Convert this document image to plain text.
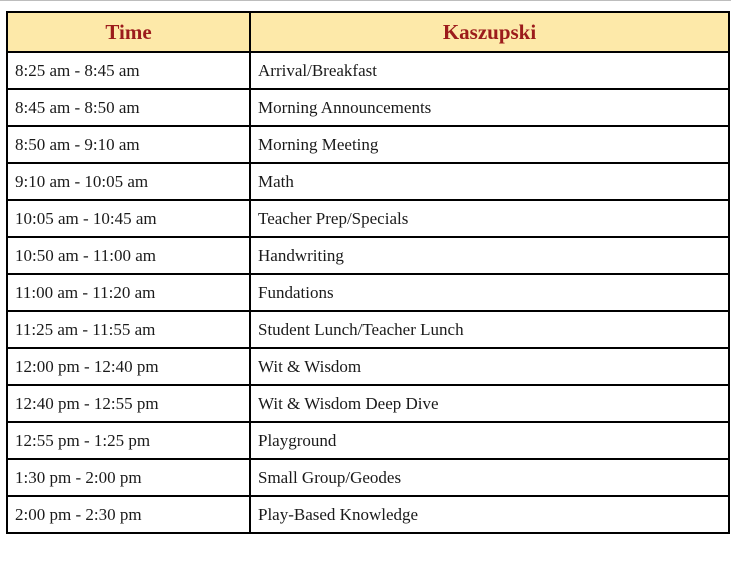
Time	Kaszupski
8:25 am - 8:45 am	Arrival/Breakfast
8:45 am - 8:50 am	Morning Announcements
8:50 am - 9:10 am	Morning Meeting
9:10 am - 10:05 am	Math
10:05 am - 10:45 am	Teacher Prep/Specials
10:50 am - 11:00 am	Handwriting
11:00 am - 11:20 am	Fundations
11:25 am - 11:55 am	Student Lunch/Teacher Lunch
12:00 pm - 12:40 pm	Wit & Wisdom
12:40 pm - 12:55 pm	Wit & Wisdom Deep Dive
12:55 pm - 1:25 pm	Playground
1:30 pm - 2:00 pm	Small Group/Geodes
2:00 pm - 2:30 pm	Play-Based Knowledge
